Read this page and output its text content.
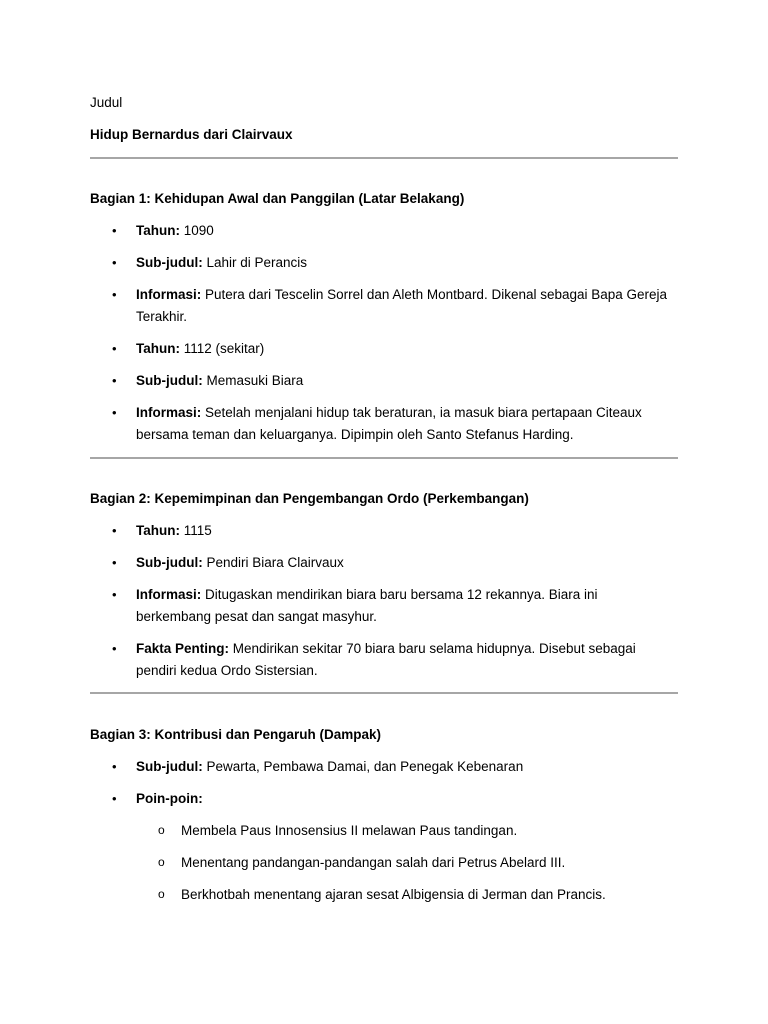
Judul

Hidup Bernardus dari Clairvaux

Bagian 1: Kehidupan Awal dan Panggilan (Latar Belakang)

• Tahun: 1090
• Sub-judul: Lahir di Perancis
• Informasi: Putera dari Tescelin Sorrel dan Aleth Montbard. Dikenal sebagai Bapa Gereja
Terakhir.
• Tahun: 1112 (sekitar)
• Sub-judul: Memasuki Biara
• Informasi: Setelah menjalani hidup tak beraturan, ia masuk biara pertapaan Citeaux
bersama teman dan keluarganya. Dipimpin oleh Santo Stefanus Harding.

Bagian 2: Kepemimpinan dan Pengembangan Ordo (Perkembangan)

• Tahun: 1115
• Sub-judul: Pendiri Biara Clairvaux
• Informasi: Ditugaskan mendirikan biara baru bersama 12 rekannya. Biara ini
berkembang pesat dan sangat masyhur.
• Fakta Penting: Mendirikan sekitar 70 biara baru selama hidupnya. Disebut sebagai
pendiri kedua Ordo Sistersian.

Bagian 3: Kontribusi dan Pengaruh (Dampak)

• Sub-judul: Pewarta, Pembawa Damai, dan Penegak Kebenaran
• Poin-poin:
o Membela Paus Innosensius II melawan Paus tandingan.
o Menentang pandangan-pandangan salah dari Petrus Abelard III.
o Berkhotbah menentang ajaran sesat Albigensia di Jerman dan Prancis.
